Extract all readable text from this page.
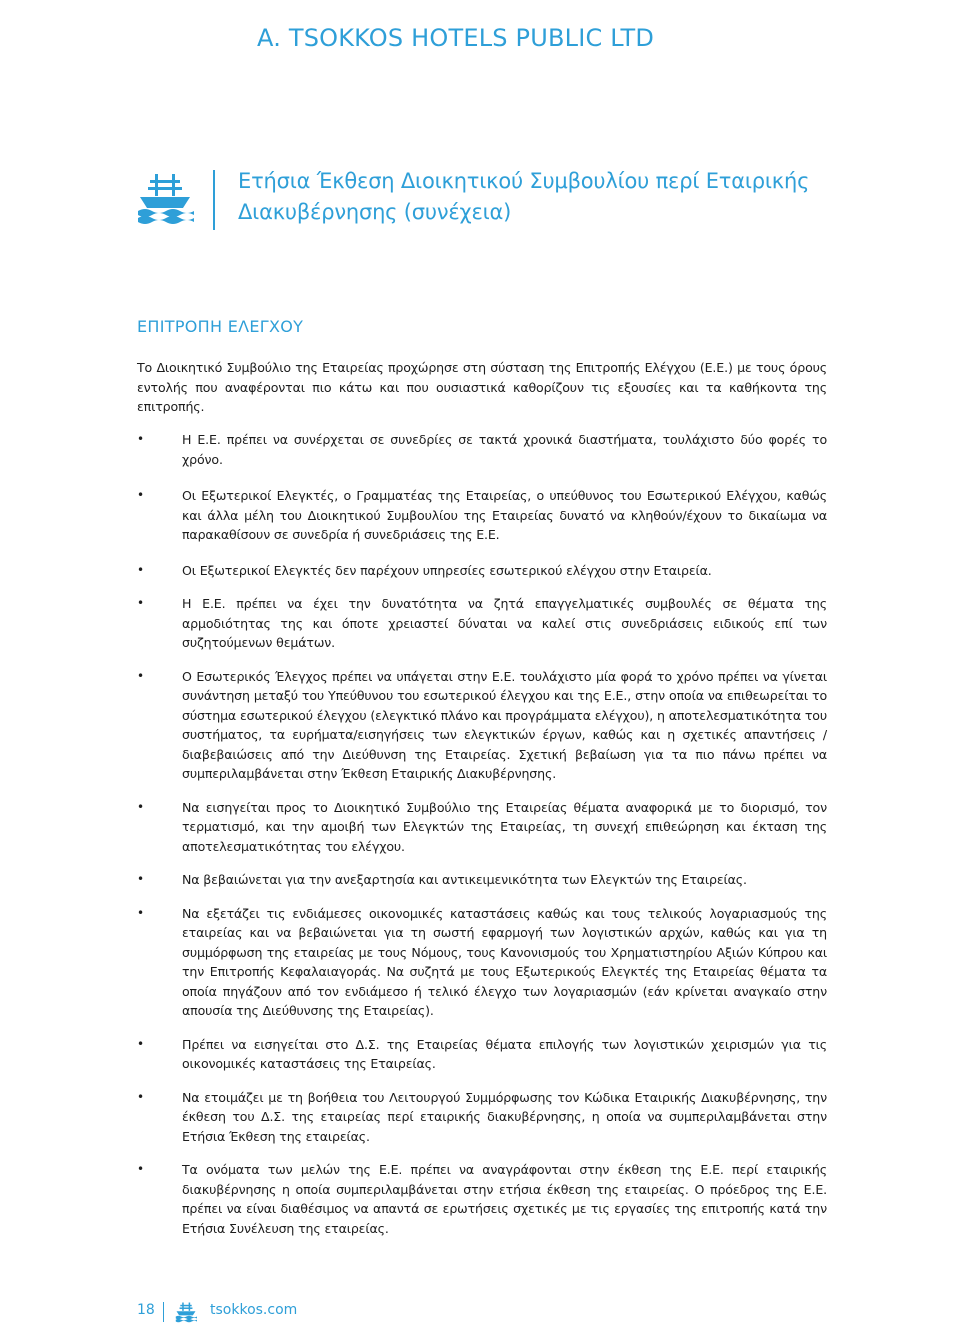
A. TSOKKOS HOTELS PUBLIC LTD
Ετήσια Έκθεση Διοικητικού Συμβουλίου περί Εταιρικής Διακυβέρνησης (συνέχεια)
ΕΠΙΤΡΟΠΗ ΕΛΕΓΧΟΥ

Το Διοικητικό Συμβούλιο της Εταιρείας προχώρησε στη σύσταση της Επιτροπής Ελέγχου (Ε.Ε.) με τους όρους εντολής που αναφέρονται πιο κάτω και που ουσιαστικά καθορίζουν τις εξουσίες και τα καθήκοντα της επιτροπής.

•	Η Ε.Ε. πρέπει να συνέρχεται σε συνεδρίες σε τακτά χρονικά διαστήματα, τουλάχιστο δύο φορές το χρόνο.
•	Οι Εξωτερικοί Ελεγκτές, ο Γραμματέας της Εταιρείας, ο υπεύθυνος του Εσωτερικού Ελέγχου, καθώς και άλλα μέλη του Διοικητικού Συμβουλίου της Εταιρείας δυνατό να κληθούν/έχουν το δικαίωμα να παρακαθίσουν σε συνεδρία ή συνεδριάσεις της Ε.Ε.
•	Οι Εξωτερικοί Ελεγκτές δεν παρέχουν υπηρεσίες εσωτερικού ελέγχου στην Εταιρεία.
•	Η Ε.Ε. πρέπει να έχει την δυνατότητα να ζητά επαγγελματικές συμβουλές σε θέματα της αρμοδιότητας της και όποτε χρειαστεί δύναται να καλεί στις συνεδριάσεις ειδικούς επί των συζητούμενων θεμάτων.
•	Ο Εσωτερικός Έλεγχος πρέπει να υπάγεται στην Ε.Ε. τουλάχιστο μία φορά το χρόνο πρέπει να γίνεται συνάντηση μεταξύ του Υπεύθυνου του εσωτερικού έλεγχου και της Ε.Ε., στην οποία να επιθεωρείται το σύστημα εσωτερικού έλεγχου (ελεγκτικό πλάνο και προγράμματα ελέγχου), η αποτελεσματικότητα του συστήματος, τα ευρήματα/εισηγήσεις των ελεγκτικών έργων, καθώς και η σχετικές απαντήσεις / διαβεβαιώσεις από την Διεύθυνση της Εταιρείας. Σχετική βεβαίωση για τα πιο πάνω πρέπει να συμπεριλαμβάνεται στην Έκθεση Εταιρικής Διακυβέρνησης.
•	Να εισηγείται προς το Διοικητικό Συμβούλιο της Εταιρείας θέματα αναφορικά με το διορισμό, τον τερματισμό, και την αμοιβή των Ελεγκτών της Εταιρείας, τη συνεχή επιθεώρηση και έκταση της αποτελεσματικότητας του ελέγχου.
•	Να βεβαιώνεται για την ανεξαρτησία και αντικειμενικότητα των Ελεγκτών της Εταιρείας.
•	Να εξετάζει τις ενδιάμεσες οικονομικές καταστάσεις καθώς και τους τελικούς λογαριασμούς της εταιρείας και να βεβαιώνεται για τη σωστή εφαρμογή των λογιστικών αρχών, καθώς και για τη συμμόρφωση της εταιρείας με τους Νόμους, τους Κανονισμούς του Χρηματιστηρίου Αξιών Κύπρου και την Επιτροπής Κεφαλαιαγοράς. Να συζητά με τους Εξωτερικούς Ελεγκτές της Εταιρείας θέματα τα οποία πηγάζουν από τον ενδιάμεσο ή τελικό έλεγχο των λογαριασμών (εάν κρίνεται αναγκαίο στην απουσία της Διεύθυνσης της Εταιρείας).
•	Πρέπει να εισηγείται στο Δ.Σ. της Εταιρείας θέματα επιλογής των λογιστικών χειρισμών για τις οικονομικές καταστάσεις της Εταιρείας.
•	Να ετοιμάζει με τη βοήθεια του Λειτουργού Συμμόρφωσης τον Κώδικα Εταιρικής Διακυβέρνησης, την έκθεση του Δ.Σ. της εταιρείας περί εταιρικής διακυβέρνησης, η οποία να συμπεριλαμβάνεται στην Ετήσια Έκθεση της εταιρείας.
•	Τα ονόματα των μελών της Ε.Ε. πρέπει να αναγράφονται στην έκθεση της Ε.Ε. περί εταιρικής διακυβέρνησης η οποία συμπεριλαμβάνεται στην ετήσια έκθεση της εταιρείας. Ο πρόεδρος της Ε.Ε. πρέπει να είναι διαθέσιμος να απαντά σε ερωτήσεις σχετικές με τις εργασίες της επιτροπής κατά την Ετήσια Συνέλευση της εταιρείας.
18	tsokkos.com
